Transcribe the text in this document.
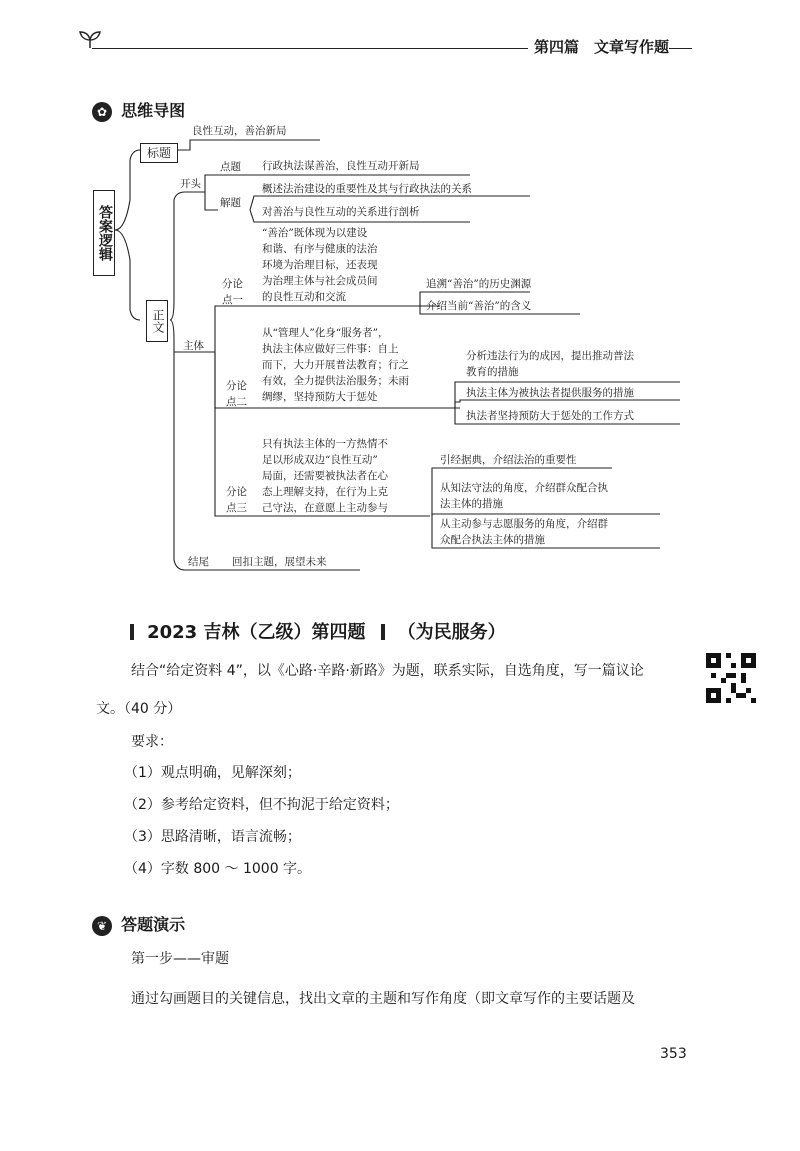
第四篇　文章写作题
✿ 思维导图
答案逻辑
标题
良性互动，善治新局
正文
开头
点题 行政执法谋善治，良性互动开新局
解题
概述法治建设的重要性及其与行政执法的关系
对善治与良性互动的关系进行剖析
主体
分论
点一
“善治”既体现为以建设
和谐、有序与健康的法治
环境为治理目标，还表现
为治理主体与社会成员间
的良性互动和交流
追溯“善治”的历史渊源
介绍当前“善治”的含义
分论
点二
从“管理人”化身“服务者”，
执法主体应做好三件事：自上
而下，大力开展普法教育；行之
有效，全力提供法治服务；未雨
绸缪，坚持预防大于惩处
分析违法行为的成因，提出推动普法
教育的措施
执法主体为被执法者提供服务的措施
执法者坚持预防大于惩处的工作方式
分论
点三
只有执法主体的一方热情不
足以形成双边“良性互动”
局面，还需要被执法者在心
态上理解支持，在行为上克
己守法，在意愿上主动参与
引经据典，介绍法治的重要性
从知法守法的角度，介绍群众配合执
法主体的措施
从主动参与志愿服务的角度，介绍群
众配合执法主体的措施
结尾 回扣主题，展望未来
2023 吉林（乙级）第四题 （为民服务）
结合“给定资料 4”，以《心路·辛路·新路》为题，联系实际，自选角度，写一篇议论
文。（40 分）
要求：
（1）观点明确，见解深刻；
（2）参考给定资料，但不拘泥于给定资料；
（3）思路清晰，语言流畅；
（4）字数 800 ～ 1000 字。
❦ 答题演示
第一步——审题
通过勾画题目的关键信息，找出文章的主题和写作角度（即文章写作的主要话题及
353
